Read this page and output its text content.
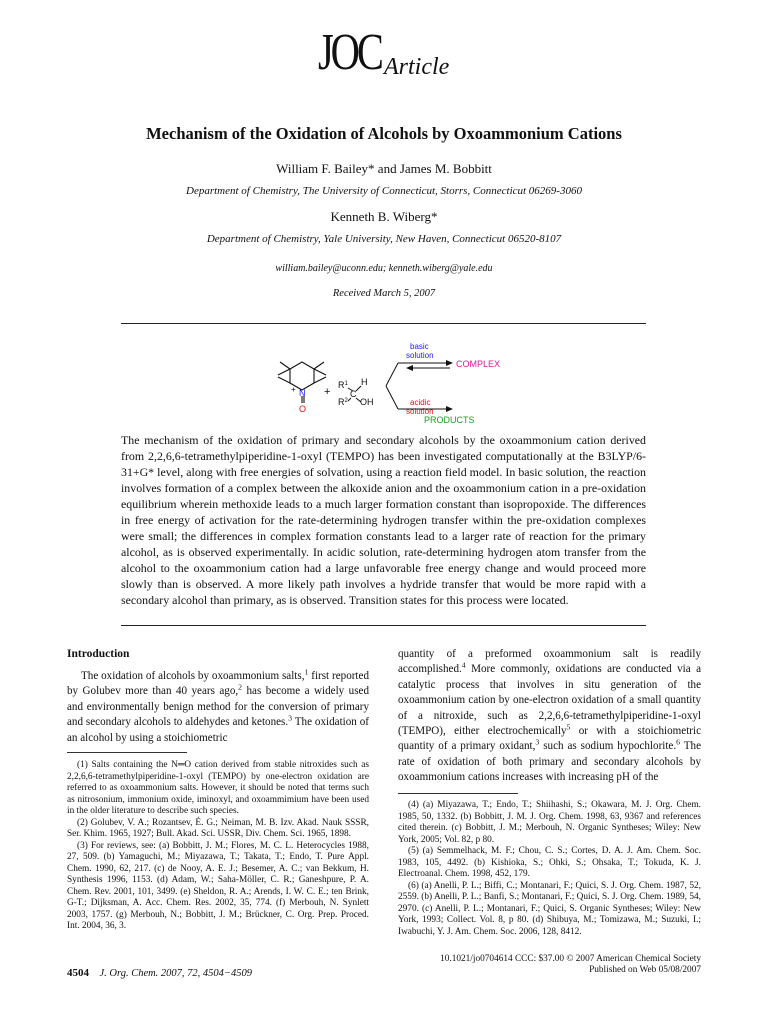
JOC Article
Mechanism of the Oxidation of Alcohols by Oxoammonium Cations
William F. Bailey* and James M. Bobbitt
Department of Chemistry, The University of Connecticut, Storrs, Connecticut 06269-3060
Kenneth B. Wiberg*
Department of Chemistry, Yale University, New Haven, Connecticut 06520-8107
william.bailey@uconn.edu; kenneth.wiberg@yale.edu
Received March 5, 2007
+ N
O
+
$R^1$ H
C
$R^2$ OH
basic
solution
COMPLEX
acidic
solution
PRODUCTS
The mechanism of the oxidation of primary and secondary alcohols by the oxoammonium cation derived from 2,2,6,6-tetramethylpiperidine-1-oxyl (TEMPO) has been investigated computationally at the B3LYP/6-31+G* level, along with free energies of solvation, using a reaction field model. In basic solution, the reaction involves formation of a complex between the alkoxide anion and the oxoammonium cation in a pre-oxidation equilibrium wherein methoxide leads to a much larger formation constant than isopropoxide. The differences in free energy of activation for the rate-determining hydrogen transfer within the pre-oxidation complexes were small; the differences in complex formation constants lead to a larger rate of reaction for the primary alcohol, as is observed experimentally. In acidic solution, rate-determining hydrogen atom transfer from the alcohol to the oxoammonium cation had a large unfavorable free energy change and would proceed more slowly than is observed. A more likely path involves a hydride transfer that would be more rapid with a secondary alcohol than primary, as is observed. Transition states for this process were located.
Introduction

The oxidation of alcohols by oxoammonium salts,$^1$ first reported by Golubev more than 40 years ago,$^2$ has become a widely used and environmentally benign method for the conversion of primary and secondary alcohols to aldehydes and ketones.$^3$ The oxidation of an alcohol by using a stoichiometric

(1) Salts containing the N═O cation derived from stable nitroxides such as 2,2,6,6-tetramethylpiperidine-1-oxyl (TEMPO) by one-electron oxidation are referred to as oxoammonium salts. However, it should be noted that terms such as nitrosonium, immonium oxide, iminoxyl, and oxoammimium have been used in the older literature to describe such species.

(2) Golubev, V. A.; Rozantsev, É. G.; Neiman, M. B. Izv. Akad. Nauk SSSR, Ser. Khim. 1965, 1927; Bull. Akad. Sci. USSR, Div. Chem. Sci. 1965, 1898.

(3) For reviews, see: (a) Bobbitt, J. M.; Flores, M. C. L. Heterocycles 1988, 27, 509. (b) Yamaguchi, M.; Miyazawa, T.; Takata, T.; Endo, T. Pure Appl. Chem. 1990, 62, 217. (c) de Nooy, A. E. J.; Besemer, A. C.; van Bekkum, H. Synthesis 1996, 1153. (d) Adam, W.; Saha-Möller, C. R.; Ganeshpure, P. A. Chem. Rev. 2001, 101, 3499. (e) Sheldon, R. A.; Arends, I. W. C. E.; ten Brink, G-T.; Dijksman, A. Acc. Chem. Res. 2002, 35, 774. (f) Merbouh, N. Synlett 2003, 1757. (g) Merbouh, N.; Bobbitt, J. M.; Brückner, C. Org. Prep. Proced. Int. 2004, 36, 3.

quantity of a preformed oxoammonium salt is readily accomplished.$^4$ More commonly, oxidations are conducted via a catalytic process that involves in situ generation of the oxoammonium cation by one-electron oxidation of a small quantity of a nitroxide, such as 2,2,6,6-tetramethylpiperidine-1-oxyl (TEMPO), either electrochemically$^5$ or with a stoichiometric quantity of a primary oxidant,$^3$ such as sodium hypochlorite.$^6$ The rate of oxidation of both primary and secondary alcohols by oxoammonium cations increases with increasing pH of the

(4) (a) Miyazawa, T.; Endo, T.; Shiihashi, S.; Okawara, M. J. Org. Chem. 1985, 50, 1332. (b) Bobbitt, J. M. J. Org. Chem. 1998, 63, 9367 and references cited therein. (c) Bobbitt, J. M.; Merbouh, N. Organic Syntheses; Wiley: New York, 2005; Vol. 82, p 80.

(5) (a) Semmelhack, M. F.; Chou, C. S.; Cortes, D. A. J. Am. Chem. Soc. 1983, 105, 4492. (b) Kishioka, S.; Ohki, S.; Ohsaka, T.; Tokuda, K. J. Electroanal. Chem. 1998, 452, 179.

(6) (a) Anelli, P. L.; Biffi, C.; Montanari, F.; Quici, S. J. Org. Chem. 1987, 52, 2559. (b) Anelli, P. L.; Banfi, S.; Montanari, F.; Quici, S. J. Org. Chem. 1989, 54, 2970. (c) Anelli, P. L.; Montanari, F.; Quici, S. Organic Syntheses; Wiley: New York, 1993; Collect. Vol. 8, p 80. (d) Shibuya, M.; Tomizawa, M.; Suzuki, I.; Iwabuchi, Y. J. Am. Chem. Soc. 2006, 128, 8412.

10.1021/jo0704614 CCC: $37.00 © 2007 American Chemical Society
Published on Web 05/08/2007
4504 J. Org. Chem. 2007, 72, 4504−4509
